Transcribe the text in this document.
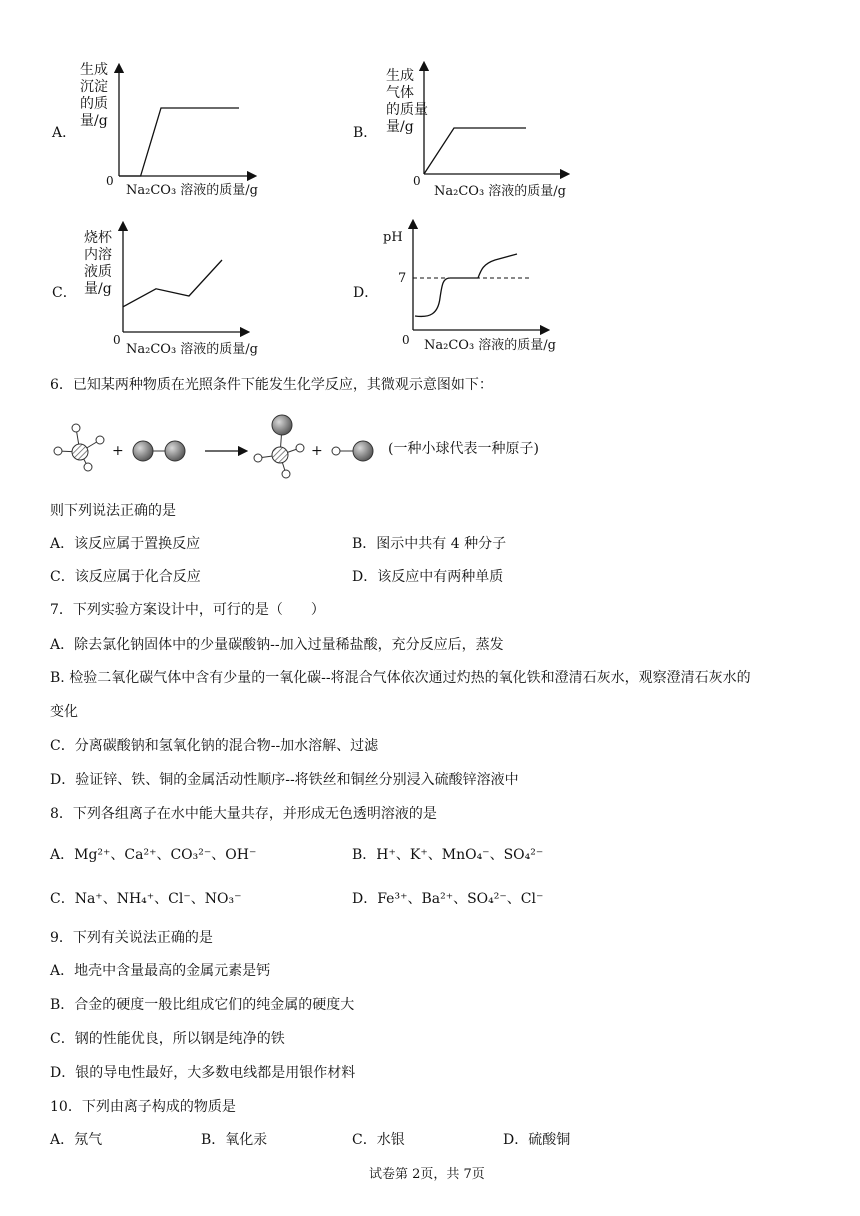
A．
生成
沉淀
的质
量/g
0
Na₂CO₃ 溶液的质量/g
B．
生成
气体
的质量
量/g
0
Na₂CO₃ 溶液的质量/g
C．
烧杯
内溶
液质
量/g
0
Na₂CO₃ 溶液的质量/g
D．
pH
7
0 Na₂CO₃ 溶液的质量/g
6．已知某两种物质在光照条件下能发生化学反应，其微观示意图如下：
+	+	(一种小球代表一种原子)
则下列说法正确的是
A．该反应属于置换反应	B．图示中共有 4 种分子
C．该反应属于化合反应	D．该反应中有两种单质
7．下列实验方案设计中，可行的是（　　）
A．除去氯化钠固体中的少量碳酸钠--加入过量稀盐酸，充分反应后，蒸发
B. 检验二氧化碳气体中含有少量的一氧化碳--将混合气体依次通过灼热的氧化铁和澄清石灰水，观察澄清石灰水的
变化
C．分离碳酸钠和氢氧化钠的混合物--加水溶解、过滤
D．验证锌、铁、铜的金属活动性顺序--将铁丝和铜丝分别浸入硫酸锌溶液中
8．下列各组离子在水中能大量共存，并形成无色透明溶液的是
A．Mg²⁺、Ca²⁺、CO₃²⁻、OH⁻	B．H⁺、K⁺、MnO₄⁻、SO₄²⁻
C．Na⁺、NH₄⁺、Cl⁻、NO₃⁻	D．Fe³⁺、Ba²⁺、SO₄²⁻、Cl⁻
9．下列有关说法正确的是
A．地壳中含量最高的金属元素是钙
B．合金的硬度一般比组成它们的纯金属的硬度大
C．钢的性能优良，所以钢是纯净的铁
D．银的导电性最好，大多数电线都是用银作材料
10．下列由离子构成的物质是
A．氖气	B．氧化汞	C．水银	D．硫酸铜
试卷第 2页，共 7页
